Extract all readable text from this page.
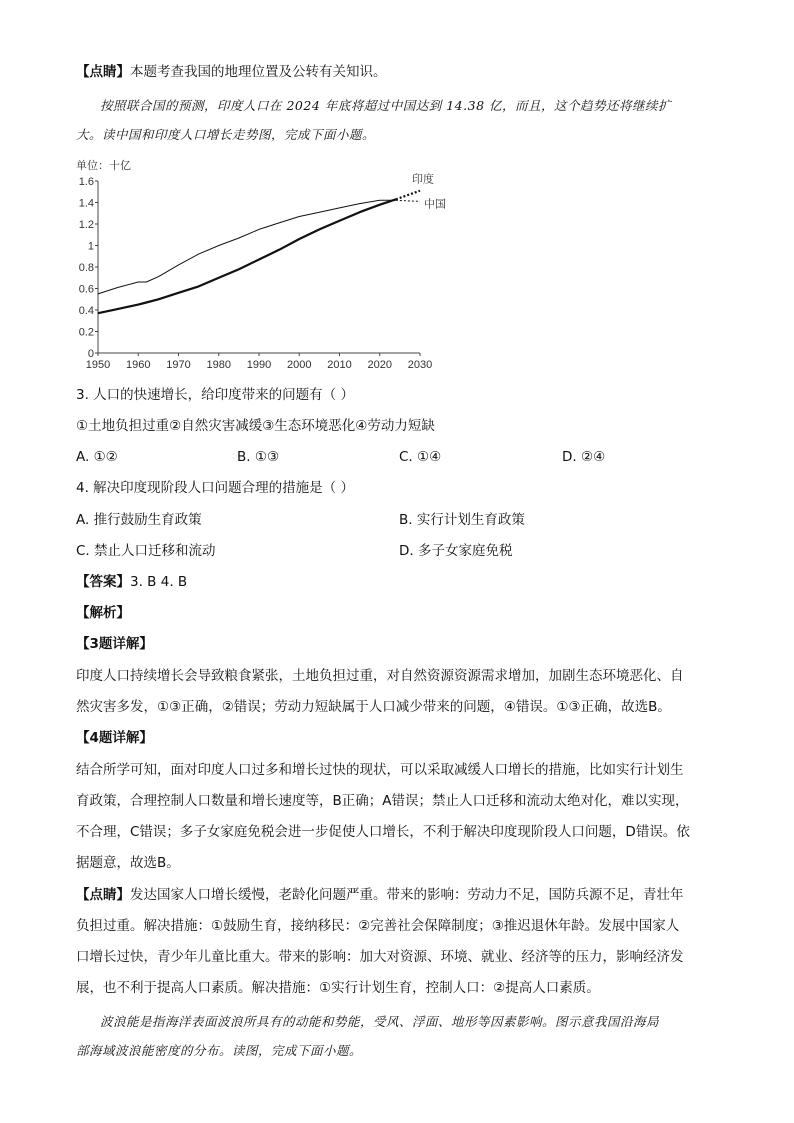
【点睛】本题考查我国的地理位置及公转有关知识。
按照联合国的预测，印度人口在 2024 年底将超过中国达到 14.38 亿，而且，这个趋势还将继续扩
大。读中国和印度人口增长走势图，完成下面小题。
单位：十亿
0
0.2
0.4
0.6
0.8
1
1.2
1.4
1.6
1950 1960 1970 1980 1990 2000 2010 2020 2030
印度
中国
3. 人口的快速增长，给印度带来的问题有（ ）
①土地负担过重②自然灾害减缓③生态环境恶化④劳动力短缺
A. ①②	B. ①③	C. ①④	D. ②④
4. 解决印度现阶段人口问题合理的措施是（ ）
A. 推行鼓励生育政策	B. 实行计划生育政策
C. 禁止人口迁移和流动	D. 多子女家庭免税
【答案】3. B 4. B
【解析】
【3题详解】
印度人口持续增长会导致粮食紧张，土地负担过重，对自然资源资源需求增加，加剧生态环境恶化、自
然灾害多发，①③正确，②错误；劳动力短缺属于人口减少带来的问题，④错误。①③正确，故选B。
【4题详解】
结合所学可知，面对印度人口过多和增长过快的现状，可以采取减缓人口增长的措施，比如实行计划生
育政策，合理控制人口数量和增长速度等，B正确；A错误；禁止人口迁移和流动太绝对化，难以实现，
不合理，C错误；多子女家庭免税会进一步促使人口增长，不利于解决印度现阶段人口问题，D错误。依
据题意，故选B。
【点睛】发达国家人口增长缓慢，老龄化问题严重。带来的影响：劳动力不足，国防兵源不足，青壮年
负担过重。解决措施：①鼓励生育，接纳移民：②完善社会保障制度；③推迟退休年龄。发展中国家人
口增长过快，青少年儿童比重大。带来的影响：加大对资源、环境、就业、经济等的压力，影响经济发
展，也不利于提高人口素质。解决措施：①实行计划生育，控制人口：②提高人口素质。
波浪能是指海洋表面波浪所具有的动能和势能，受风、浮面、地形等因素影响。图示意我国沿海局
部海域波浪能密度的分布。读图，完成下面小题。
